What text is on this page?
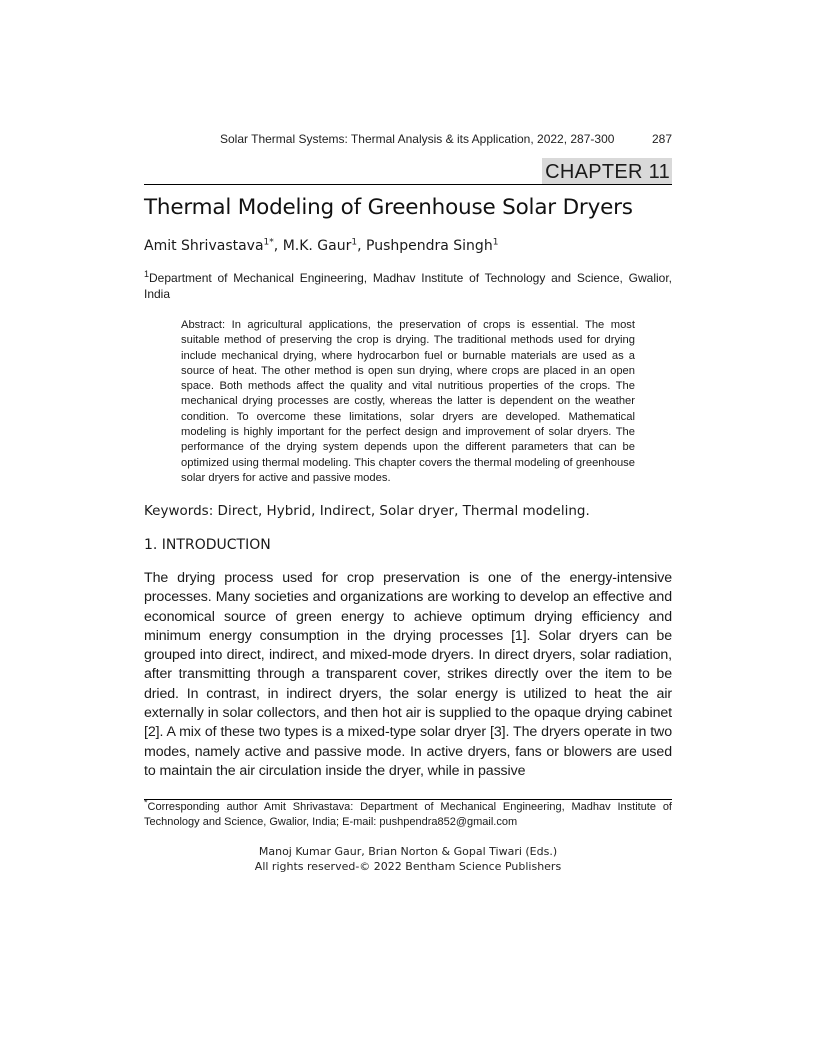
Solar Thermal Systems: Thermal Analysis & its Application, 2022, 287-300	287
CHAPTER 11
Thermal Modeling of Greenhouse Solar Dryers
Amit Shrivastava$^{1*}$, M.K. Gaur$^1$, Pushpendra Singh$^1$
$^1$Department of Mechanical Engineering, Madhav Institute of Technology and Science, Gwalior, India
Abstract: In agricultural applications, the preservation of crops is essential. The most suitable method of preserving the crop is drying. The traditional methods used for drying include mechanical drying, where hydrocarbon fuel or burnable materials are used as a source of heat. The other method is open sun drying, where crops are placed in an open space. Both methods affect the quality and vital nutritious properties of the crops. The mechanical drying processes are costly, whereas the latter is dependent on the weather condition. To overcome these limitations, solar dryers are developed. Mathematical modeling is highly important for the perfect design and improvement of solar dryers. The performance of the drying system depends upon the different parameters that can be optimized using thermal modeling. This chapter covers the thermal modeling of greenhouse solar dryers for active and passive modes.
Keywords: Direct, Hybrid, Indirect, Solar dryer, Thermal modeling.
1. INTRODUCTION
The drying process used for crop preservation is one of the energy-intensive processes. Many societies and organizations are working to develop an effective and economical source of green energy to achieve optimum drying efficiency and minimum energy consumption in the drying processes [1]. Solar dryers can be grouped into direct, indirect, and mixed-mode dryers. In direct dryers, solar radiation, after transmitting through a transparent cover, strikes directly over the item to be dried. In contrast, in indirect dryers, the solar energy is utilized to heat the air externally in solar collectors, and then hot air is supplied to the opaque drying cabinet [2]. A mix of these two types is a mixed-type solar dryer [3]. The dryers operate in two modes, namely active and passive mode. In active dryers, fans or blowers are used to maintain the air circulation inside the dryer, while in passive
*Corresponding author Amit Shrivastava: Department of Mechanical Engineering, Madhav Institute of Technology and Science, Gwalior, India; E-mail: pushpendra852@gmail.com
Manoj Kumar Gaur, Brian Norton & Gopal Tiwari (Eds.)
All rights reserved-© 2022 Bentham Science Publishers
